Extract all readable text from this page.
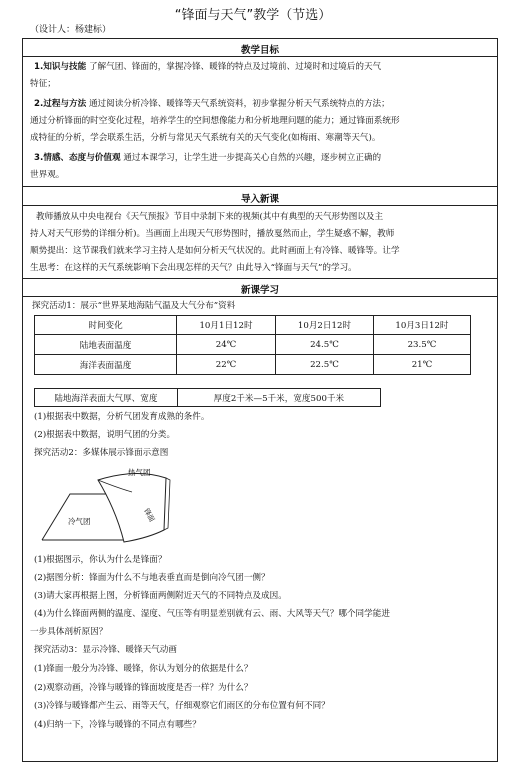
“锋面与天气”教学（节选）
（设计人：杨建标）
教学目标
1.知识与技能 了解气团、锋面的，掌握冷锋、暖锋的特点及过境前、过境时和过境后的天气
特征；
2.过程与方法 通过阅读分析冷锋、暖锋等天气系统资料，初步掌握分析天气系统特点的方法；
通过分析锋面的时空变化过程，培养学生的空间想像能力和分析地理问题的能力；通过锋面系统形
成特征的分析，学会联系生活，分析与常见天气系统有关的天气变化(如梅雨、寒潮等天气)。
3.情感、态度与价值观 通过本课学习，让学生进一步提高关心自然的兴趣，逐步树立正确的
世界观。
导入新课
教师播放从中央电视台《天气预报》节目中录制下来的视频(其中有典型的天气形势图以及主
持人对天气形势的详细分析)。当画面上出现天气形势图时，播放戛然而止，学生疑惑不解，教师
顺势提出：这节课我们就来学习主持人是如何分析天气状况的。此时画面上有冷锋、暖锋等。让学
生思考：在这样的天气系统影响下会出现怎样的天气？由此导入“锋面与天气”的学习。
新课学习
探究活动1：展示“世界某地海陆气温及大气分布”资料
时间变化	10月1日12时	10月2日12时	10月3日12时
陆地表面温度	24℃	24.5℃	23.5℃
海洋表面温度	22℃	22.5℃	21℃
陆地海洋表面大气厚、宽度	厚度2千米—5千米，宽度500千米
(1)根据表中数据，分析气团发育成熟的条件。
(2)根据表中数据，说明气团的分类。
探究活动2：多媒体展示锋面示意图
热气团
冷气团	锋面
(1)根据图示，你认为什么是锋面？
(2)据图分析：锋面为什么不与地表垂直而是倒向冷气团一侧？
(3)请大家再根据上图，分析锋面两侧附近天气的不同特点及成因。
(4)为什么锋面两侧的温度、湿度、气压等有明显差别就有云、雨、大风等天气？哪个同学能进
一步具体剖析原因？
探究活动3：显示冷锋、暖锋天气动画
(1)锋面一般分为冷锋、暖锋，你认为划分的依据是什么？
(2)观察动画，冷锋与暖锋的锋面坡度是否一样？为什么？
(3)冷锋与暖锋都产生云、雨等天气，仔细观察它们雨区的分布位置有何不同？
(4)归纳一下，冷锋与暖锋的不同点有哪些？
